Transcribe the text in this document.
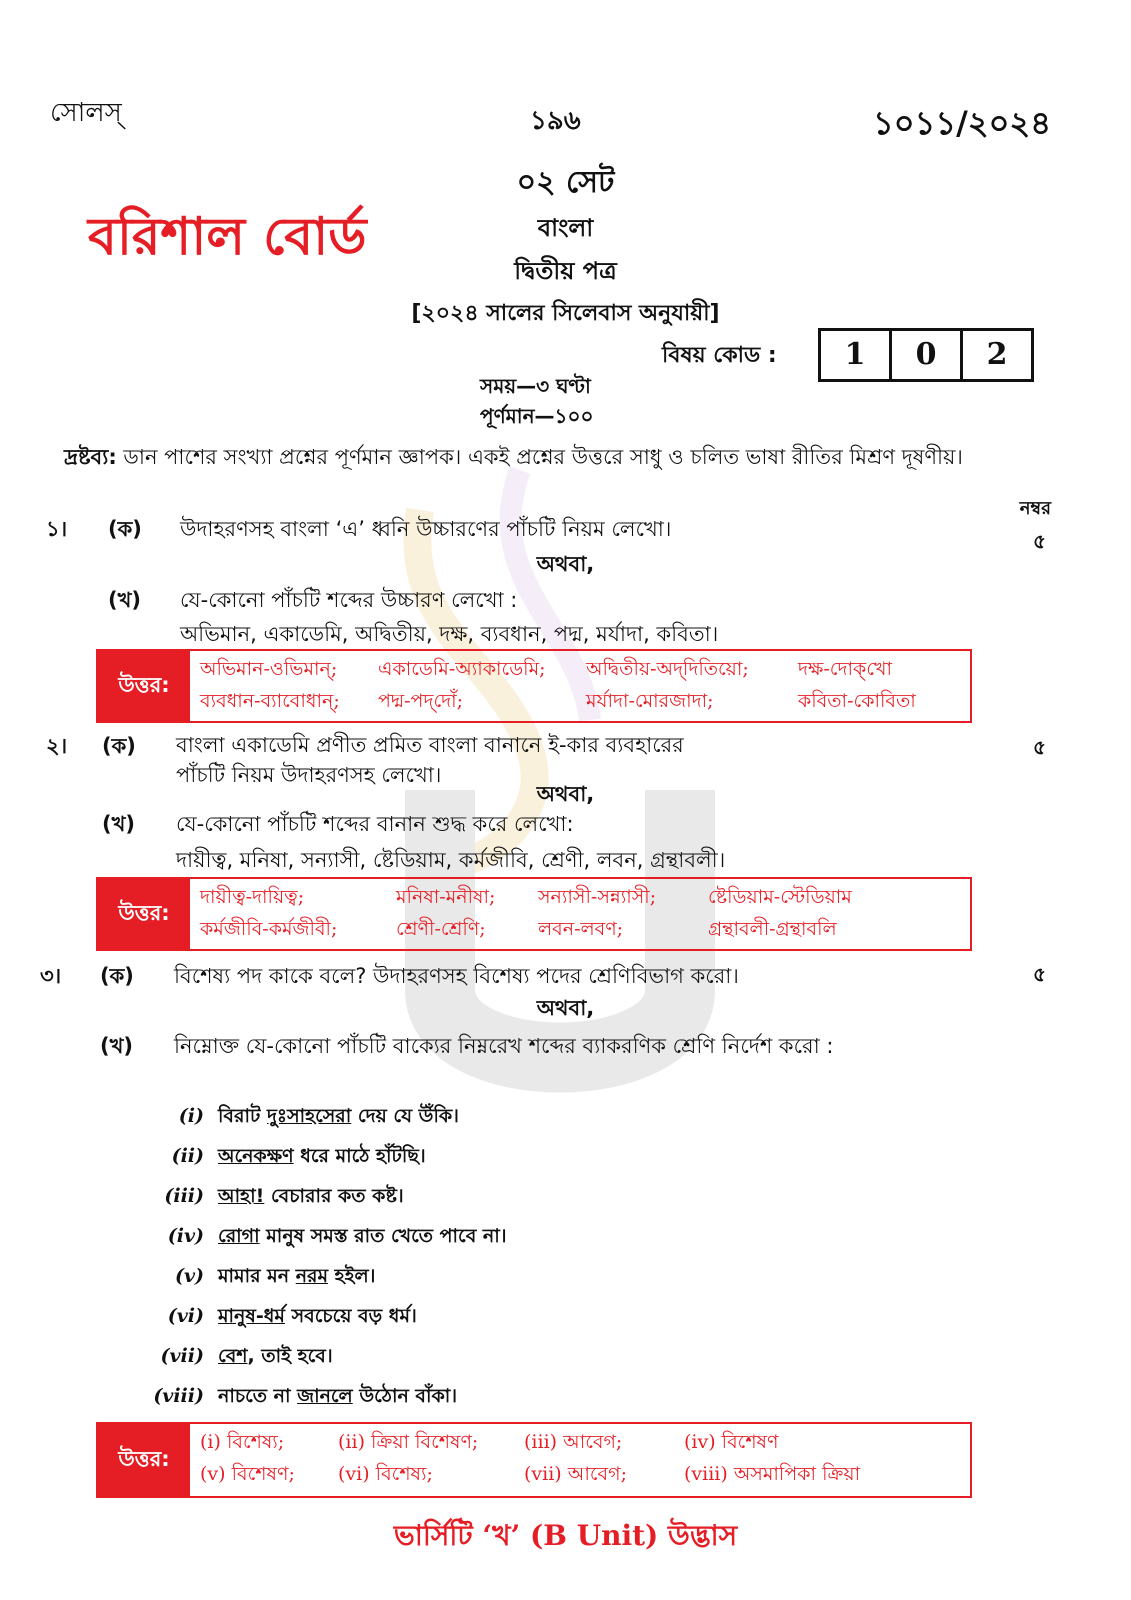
সোলস্	১৯৬	১০১১/২০২৪
০২ সেট
বরিশাল বোর্ড	বাংলা
দ্বিতীয় পত্র
[২০২৪ সালের সিলেবাস অনুযায়ী]
বিষয় কোড :	1	0	2
সময়—৩ ঘণ্টা
পূর্ণমান—১০০
দ্রষ্টব্য: ডান পাশের সংখ্যা প্রশ্নের পূর্ণমান জ্ঞাপক। একই প্রশ্নের উত্তরে সাধু ও চলিত ভাষা রীতির মিশ্রণ দূষণীয়।
নম্বর
১। (ক) উদাহরণসহ বাংলা ‘এ’ ধ্বনি উচ্চারণের পাঁচটি নিয়ম লেখো।	৫
অথবা,
(খ) যে-কোনো পাঁচটি শব্দের উচ্চারণ লেখো :
অভিমান, একাডেমি, অদ্বিতীয়, দক্ষ, ব্যবধান, পদ্ম, মর্যাদা, কবিতা।
উত্তর:
অভিমান-ওভিমান্;	একাডেমি-অ্যাকাডেমি;	অদ্বিতীয়-অদ্‌দিতিয়ো;	দক্ষ-দোক্‌খো
ব্যবধান-ব্যাবোধান্;	পদ্ম-পদ্‌দোঁ;	মর্যাদা-মোরজাদা;	কবিতা-কোবিতা
২। (ক) বাংলা একাডেমি প্রণীত প্রমিত বাংলা বানানে ই-কার ব্যবহারের পাঁচটি নিয়ম উদাহরণসহ লেখো।
৫
অথবা,
(খ) যে-কোনো পাঁচটি শব্দের বানান শুদ্ধ করে লেখো:
দায়ীত্ব, মনিষা, সন্যাসী, ষ্টেডিয়াম, কর্মজীবি, শ্রেণী, লবন, গ্রন্থাবলী।
উত্তর:
দায়ীত্ব-দায়িত্ব;	মনিষা-মনীষা;	সন্যাসী-সন্ন্যাসী;	ষ্টেডিয়াম-স্টেডিয়াম
কর্মজীবি-কর্মজীবী;	শ্রেণী-শ্রেণি;	লবন-লবণ;	গ্রন্থাবলী-গ্রন্থাবলি
৩। (ক) বিশেষ্য পদ কাকে বলে? উদাহরণসহ বিশেষ্য পদের শ্রেণিবিভাগ করো।	৫
অথবা,
(খ) নিম্নোক্ত যে-কোনো পাঁচটি বাক্যের নিম্নরেখ শব্দের ব্যাকরণিক শ্রেণি নির্দেশ করো :
(i) বিরাট দুঃসাহসেরা দেয় যে উঁকি।
(ii) অনেকক্ষণ ধরে মাঠে হাঁটছি।
(iii) আহা! বেচারার কত কষ্ট।
(iv) রোগা মানুষ সমস্ত রাত খেতে পাবে না।
(v) মামার মন নরম হইল।
(vi) মানুষ-ধর্ম সবচেয়ে বড় ধর্ম।
(vii) বেশ, তাই হবে।
(viii) নাচতে না জানলে উঠোন বাঁকা।
উত্তর:
(i) বিশেষ্য;	(ii) ক্রিয়া বিশেষণ;	(iii) আবেগ;	(iv) বিশেষণ
(v) বিশেষণ;	(vi) বিশেষ্য;	(vii) আবেগ;	(viii) অসমাপিকা ক্রিয়া
ভার্সিটি ‘খ’ (B Unit) উদ্ভাস
